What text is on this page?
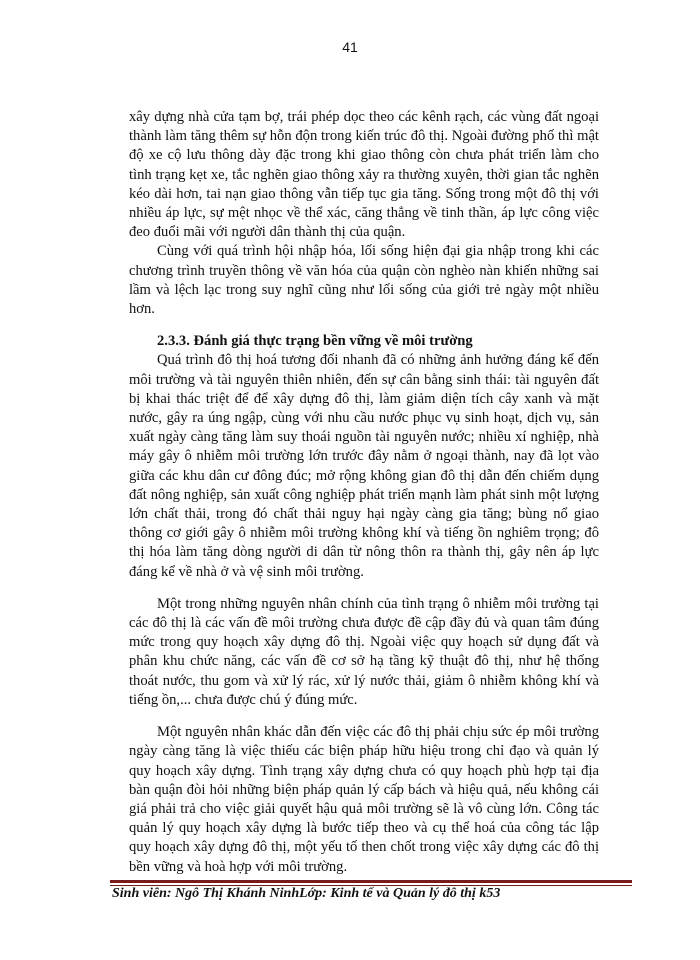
41

xây dựng nhà cửa tạm bợ, trái phép dọc theo các kênh rạch, các vùng đất ngoại thành làm tăng thêm sự hỗn độn trong kiến trúc đô thị. Ngoài đường phố thì mật độ xe cộ lưu thông dày đặc trong khi giao thông còn chưa phát triển làm cho tình trạng kẹt xe, tắc nghẽn giao thông xảy ra thường xuyên, thời gian tắc nghẽn kéo dài hơn, tai nạn giao thông vẫn tiếp tục gia tăng. Sống trong một đô thị với nhiều áp lực, sự mệt nhọc về thể xác, căng thẳng về tinh thần, áp lực công việc đeo đuổi mãi với người dân thành thị của quận.

Cùng với quá trình hội nhập hóa, lối sống hiện đại gia nhập trong khi các chương trình truyền thông về văn hóa của quận còn nghèo nàn khiến những sai lầm và lệch lạc trong suy nghĩ cũng như lối sống của giới trẻ ngày một nhiều hơn.

2.3.3. Đánh giá thực trạng bền vững về môi trường

Quá trình đô thị hoá tương đối nhanh đã có những ảnh hưởng đáng kể đến môi trường và tài nguyên thiên nhiên, đến sự cân bằng sinh thái: tài nguyên đất bị khai thác triệt để để xây dựng đô thị, làm giảm diện tích cây xanh và mặt nước, gây ra úng ngập, cùng với nhu cầu nước phục vụ sinh hoạt, dịch vụ, sản xuất ngày càng tăng làm suy thoái nguồn tài nguyên nước; nhiều xí nghiệp, nhà máy gây ô nhiễm môi trường lớn trước đây nằm ở ngoại thành, nay đã lọt vào giữa các khu dân cư đông đúc; mở rộng không gian đô thị dẫn đến chiếm dụng đất nông nghiệp, sản xuất công nghiệp phát triển mạnh làm phát sinh một lượng lớn chất thải, trong đó chất thải nguy hại ngày càng gia tăng; bùng nổ giao thông cơ giới gây ô nhiễm môi trường không khí và tiếng ồn nghiêm trọng; đô thị hóa làm tăng dòng người di dân từ nông thôn ra thành thị, gây nên áp lực đáng kể về nhà ở và vệ sinh môi trường.

Một trong những nguyên nhân chính của tình trạng ô nhiễm môi trường tại các đô thị là các vấn đề môi trường chưa được đề cập đầy đủ và quan tâm đúng mức trong quy hoạch xây dựng đô thị. Ngoài việc quy hoạch sử dụng đất và phân khu chức năng, các vấn đề cơ sở hạ tầng kỹ thuật đô thị, như hệ thống thoát nước, thu gom và xử lý rác, xử lý nước thải, giảm ô nhiễm không khí và tiếng ồn,... chưa được chú ý đúng mức.

Một nguyên nhân khác dẫn đến việc các đô thị phải chịu sức ép môi trường ngày càng tăng là việc thiếu các biện pháp hữu hiệu trong chỉ đạo và quản lý quy hoạch xây dựng. Tình trạng xây dựng chưa có quy hoạch phù hợp tại địa bàn quận đòi hỏi những biện pháp quản lý cấp bách và hiệu quả, nếu không cái giá phải trả cho việc giải quyết hậu quả môi trường sẽ là vô cùng lớn. Công tác quản lý quy hoạch xây dựng là bước tiếp theo và cụ thể hoá của công tác lập quy hoạch xây dựng đô thị, một yếu tố then chốt trong việc xây dựng các đô thị bền vững và hoà hợp với môi trường.

Sinh viên: Ngô Thị Khánh NinhLớp: Kinh tế và Quản lý đô thị k53
